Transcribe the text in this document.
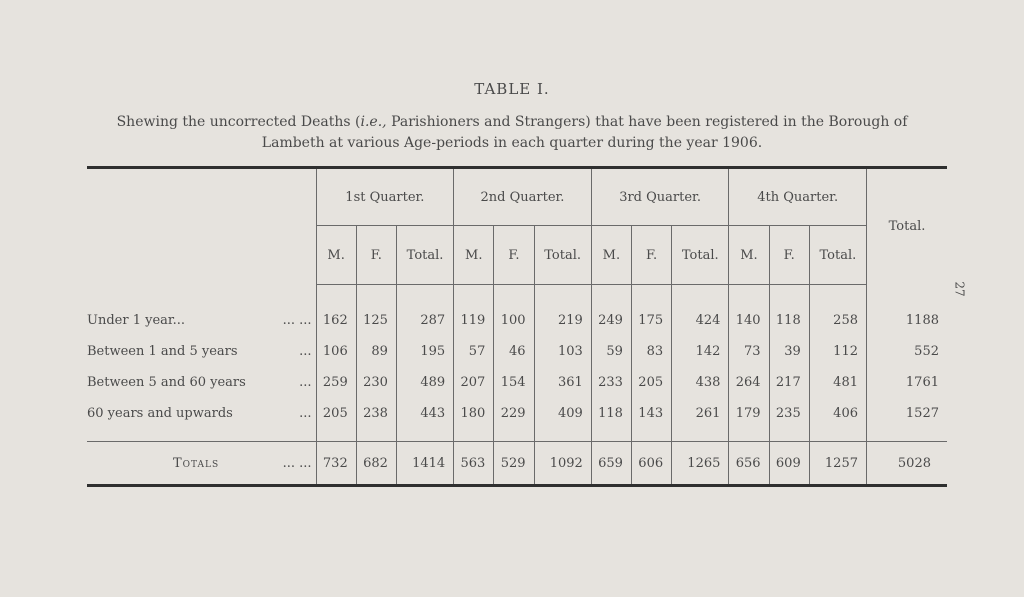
TABLE I.
Shewing the uncorrected Deaths (i.e., Parishioners and Strangers) that have been registered in the Borough of Lambeth at various Age-periods in each quarter during the year 1906.
27
	1st Quarter.			2nd Quarter.			3rd Quarter.			4th Quarter.			Total.
	M.	F.	Total.	M.	F.	Total.	M.	F.	Total.	M.	F.	Total.	
Under 1 year... ... ...	162	125	287	119	100	219	249	175	424	140	118	258	1188
Between 1 and 5 years ...	106	89	195	57	46	103	59	83	142	73	39	112	552
Between 5 and 60 years ...	259	230	489	207	154	361	233	205	438	264	217	481	1761
60 years and upwards ...	205	238	443	180	229	409	118	143	261	179	235	406	1527

Totals ... ...	732	682	1414	563	529	1092	659	606	1265	656	609	1257	5028
